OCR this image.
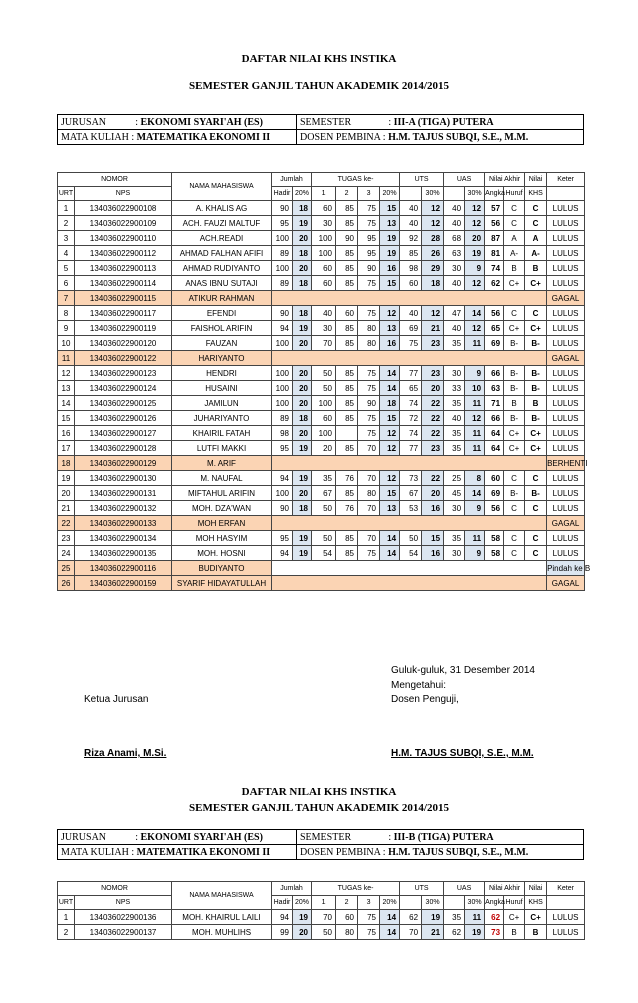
DAFTAR NILAI KHS INSTIKA
SEMESTER GANJIL TAHUN AKADEMIK 2014/2015
JURUSAN : EKONOMI SYARI'AH (ES)	SEMESTER : III-A (TIGA) PUTERA
MATA KULIAH : MATEMATIKA EKONOMI II	DOSEN PEMBINA : H.M. TAJUS SUBQI, S.E., M.M.
NOMOR		NAMA MAHASISWA	Jumlah		TUGAS ke-				UTS		UAS		Nilai Akhir		Nilai	Keter
URT	NPS		Hadir	20%	1	2	3	20%		30%		30%	Angka	Huruf	KHS	
1	134036022900108	A. KHALIS AG	90	18	60	85	75	15	40	12	40	12	57	C	C	LULUS
2	134036022900109	ACH. FAUZI MALTUF	95	19	30	85	75	13	40	12	40	12	56	C	C	LULUS
3	134036022900110	ACH.READI	100	20	100	90	95	19	92	28	68	20	87	A	A	LULUS
4	134036022900112	AHMAD FALHAN AFIFI	89	18	100	85	95	19	85	26	63	19	81	A-	A-	LULUS
5	134036022900113	AHMAD RUDIYANTO	100	20	60	85	90	16	98	29	30	9	74	B	B	LULUS
6	134036022900114	ANAS IBNU SUTAJI	89	18	60	85	75	15	60	18	40	12	62	C+	C+	LULUS
7	134036022900115	ATIKUR RAHMAN														GAGAL
8	134036022900117	EFENDI	90	18	40	60	75	12	40	12	47	14	56	C	C	LULUS
9	134036022900119	FAISHOL ARIFIN	94	19	30	85	80	13	69	21	40	12	65	C+	C+	LULUS
10	134036022900120	FAUZAN	100	20	70	85	80	16	75	23	35	11	69	B-	B-	LULUS
11	134036022900122	HARIYANTO														GAGAL
12	134036022900123	HENDRI	100	20	50	85	75	14	77	23	30	9	66	B-	B-	LULUS
13	134036022900124	HUSAINI	100	20	50	85	75	14	65	20	33	10	63	B-	B-	LULUS
14	134036022900125	JAMILUN	100	20	100	85	90	18	74	22	35	11	71	B	B	LULUS
15	134036022900126	JUHARIYANTO	89	18	60	85	75	15	72	22	40	12	66	B-	B-	LULUS
16	134036022900127	KHAIRIL FATAH	98	20	100		75	12	74	22	35	11	64	C+	C+	LULUS
17	134036022900128	LUTFI MAKKI	95	19	20	85	70	12	77	23	35	11	64	C+	C+	LULUS
18	134036022900129	M. ARIF														BERHENTI
19	134036022900130	M. NAUFAL	94	19	35	76	70	12	73	22	25	8	60	C	C	LULUS
20	134036022900131	MIFTAHUL ARIFIN	100	20	67	85	80	15	67	20	45	14	69	B-	B-	LULUS
21	134036022900132	MOH. DZA'WAN	90	18	50	76	70	13	53	16	30	9	56	C	C	LULUS
22	134036022900133	MOH ERFAN														GAGAL
23	134036022900134	MOH HASYIM	95	19	50	85	70	14	50	15	35	11	58	C	C	LULUS
24	134036022900135	MOH. HOSNI	94	19	54	85	75	14	54	16	30	9	58	C	C	LULUS
25	134036022900116	BUDIYANTO														Pindah ke B
26	134036022900159	SYARIF HIDAYATULLAH														GAGAL
Guluk-guluk, 31 Desember 2014
Mengetahui:
Ketua Jurusan	Dosen Penguji,
Riza Anami, M.Si.	H.M. TAJUS SUBQI, S.E., M.M.
DAFTAR NILAI KHS INSTIKA
SEMESTER GANJIL TAHUN AKADEMIK 2014/2015
JURUSAN : EKONOMI SYARI'AH (ES)	SEMESTER : III-B (TIGA) PUTERA
MATA KULIAH : MATEMATIKA EKONOMI II	DOSEN PEMBINA : H.M. TAJUS SUBQI, S.E., M.M.
NOMOR		NAMA MAHASISWA	Jumlah		TUGAS ke-				UTS		UAS		Nilai Akhir		Nilai	Keter
URT	NPS		Hadir	20%	1	2	3	20%		30%		30%	Angka	Huruf	KHS	
1	134036022900136	MOH. KHAIRUL LAILI	94	19	70	60	75	14	62	19	35	11	62	C+	C+	LULUS
2	134036022900137	MOH. MUHLIHS	99	20	50	80	75	14	70	21	62	19	73	B	B	LULUS
